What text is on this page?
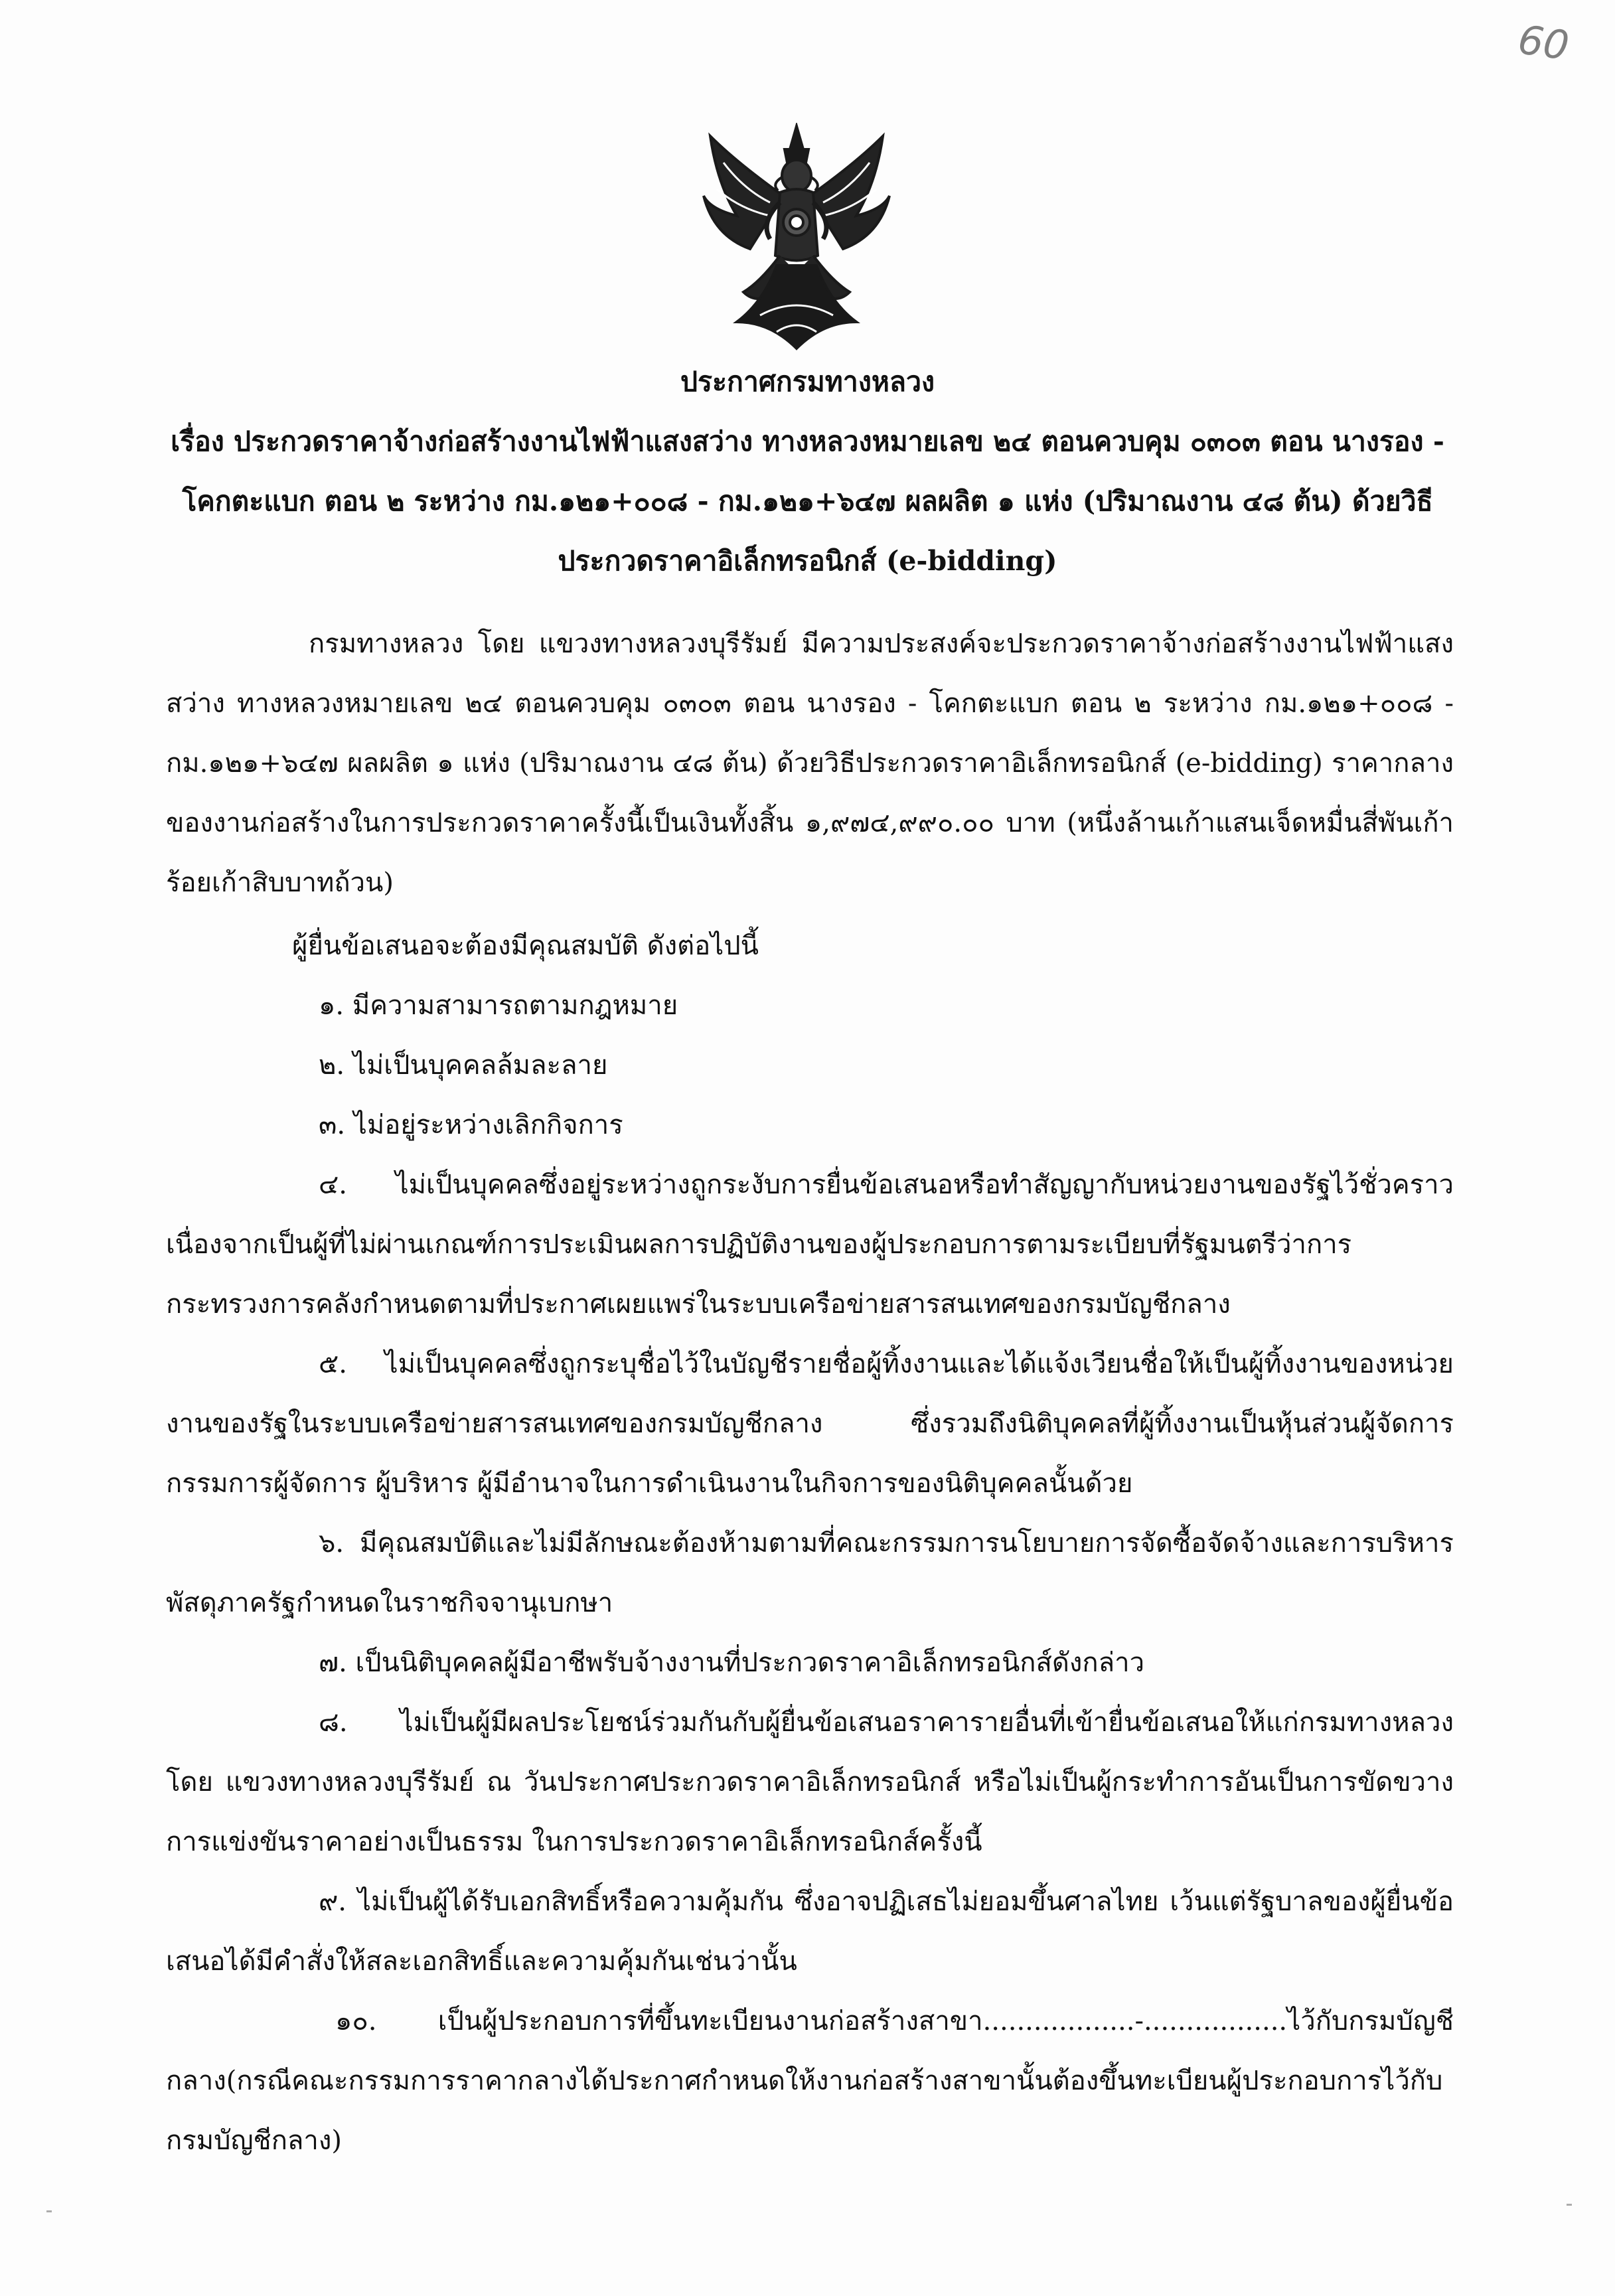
60
ประกาศกรมทางหลวง
เรื่อง ประกวดราคาจ้างก่อสร้างงานไฟฟ้าแสงสว่าง ทางหลวงหมายเลข ๒๔ ตอนควบคุม ๐๓๐๓ ตอน นางรอง -
โคกตะแบก ตอน ๒ ระหว่าง กม.๑๒๑+๐๐๘ - กม.๑๒๑+๖๔๗ ผลผลิต ๑ แห่ง (ปริมาณงาน ๔๘ ต้น) ด้วยวิธี
ประกวดราคาอิเล็กทรอนิกส์ (e-bidding)
กรมทางหลวง โดย แขวงทางหลวงบุรีรัมย์ มีความประสงค์จะประกวดราคาจ้างก่อสร้างงานไฟฟ้าแสงสว่าง ทางหลวงหมายเลข ๒๔ ตอนควบคุม ๐๓๐๓ ตอน นางรอง - โคกตะแบก ตอน ๒ ระหว่าง กม.๑๒๑+๐๐๘ - กม.๑๒๑+๖๔๗ ผลผลิต ๑ แห่ง (ปริมาณงาน ๔๘ ต้น) ด้วยวิธีประกวดราคาอิเล็กทรอนิกส์ (e-bidding) ราคากลางของงานก่อสร้างในการประกวดราคาครั้งนี้เป็นเงินทั้งสิ้น ๑,๙๗๔,๙๙๐.๐๐ บาท (หนึ่งล้านเก้าแสนเจ็ดหมื่นสี่พันเก้าร้อยเก้าสิบบาทถ้วน)
ผู้ยื่นข้อเสนอจะต้องมีคุณสมบัติ ดังต่อไปนี้
๑. มีความสามารถตามกฎหมาย
๒. ไม่เป็นบุคคลล้มละลาย
๓. ไม่อยู่ระหว่างเลิกกิจการ
๔. ไม่เป็นบุคคลซึ่งอยู่ระหว่างถูกระงับการยื่นข้อเสนอหรือทำสัญญากับหน่วยงานของรัฐไว้ชั่วคราว เนื่องจากเป็นผู้ที่ไม่ผ่านเกณฑ์การประเมินผลการปฏิบัติงานของผู้ประกอบการตามระเบียบที่รัฐมนตรีว่าการกระทรวงการคลังกำหนดตามที่ประกาศเผยแพร่ในระบบเครือข่ายสารสนเทศของกรมบัญชีกลาง
๕. ไม่เป็นบุคคลซึ่งถูกระบุชื่อไว้ในบัญชีรายชื่อผู้ทิ้งงานและได้แจ้งเวียนชื่อให้เป็นผู้ทิ้งงานของหน่วยงานของรัฐในระบบเครือข่ายสารสนเทศของกรมบัญชีกลาง ซึ่งรวมถึงนิติบุคคลที่ผู้ทิ้งงานเป็นหุ้นส่วนผู้จัดการ กรรมการผู้จัดการ ผู้บริหาร ผู้มีอำนาจในการดำเนินงานในกิจการของนิติบุคคลนั้นด้วย
๖. มีคุณสมบัติและไม่มีลักษณะต้องห้ามตามที่คณะกรรมการนโยบายการจัดซื้อจัดจ้างและการบริหารพัสดุภาครัฐกำหนดในราชกิจจานุเบกษา
๗. เป็นนิติบุคคลผู้มีอาชีพรับจ้างงานที่ประกวดราคาอิเล็กทรอนิกส์ดังกล่าว
๘. ไม่เป็นผู้มีผลประโยชน์ร่วมกันกับผู้ยื่นข้อเสนอราคารายอื่นที่เข้ายื่นข้อเสนอให้แก่กรมทางหลวง โดย แขวงทางหลวงบุรีรัมย์ ณ วันประกาศประกวดราคาอิเล็กทรอนิกส์ หรือไม่เป็นผู้กระทำการอันเป็นการขัดขวางการแข่งขันราคาอย่างเป็นธรรม ในการประกวดราคาอิเล็กทรอนิกส์ครั้งนี้
๙. ไม่เป็นผู้ได้รับเอกสิทธิ์หรือความคุ้มกัน ซึ่งอาจปฏิเสธไม่ยอมขึ้นศาลไทย เว้นแต่รัฐบาลของผู้ยื่นข้อเสนอได้มีคำสั่งให้สละเอกสิทธิ์และความคุ้มกันเช่นว่านั้น
๑๐. เป็นผู้ประกอบการที่ขึ้นทะเบียนงานก่อสร้างสาขา..................-.................ไว้กับกรมบัญชีกลาง(กรณีคณะกรรมการราคากลางได้ประกาศกำหนดให้งานก่อสร้างสาขานั้นต้องขึ้นทะเบียนผู้ประกอบการไว้กับกรมบัญชีกลาง)
